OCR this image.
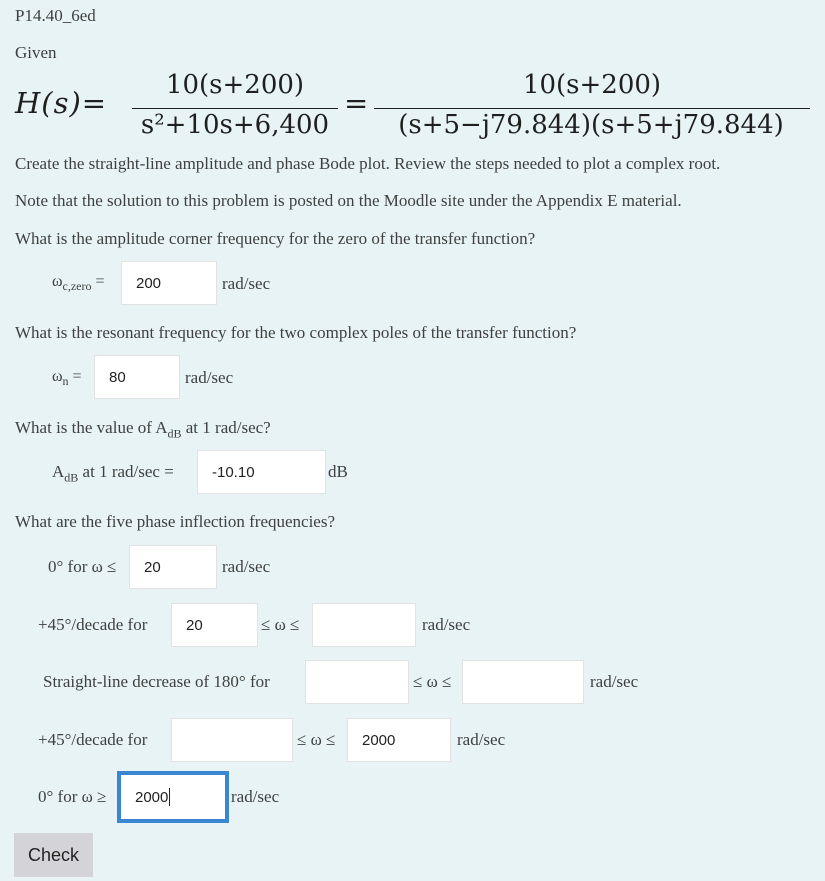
P14.40_6ed
Given
H(s)=
10(s+200)
s²+10s+6,400
=
10(s+200)
(s+5−j79.844)(s+5+j79.844)
Create the straight-line amplitude and phase Bode plot. Review the steps needed to plot a complex root.
Note that the solution to this problem is posted on the Moodle site under the Appendix E material.
What is the amplitude corner frequency for the zero of the transfer function?
$\omega_{c,zero} = 200$	rad/sec
What is the resonant frequency for the two complex poles of the transfer function?
$\omega_n = 80$	rad/sec
What is the value of $A_{dB}$ at 1 rad/sec?
$A_{dB}$ at 1 rad/sec =	-10.10	dB
What are the five phase inflection frequencies?
0° for ω ≤ 20	rad/sec
+45°/decade for	20	≤ ω ≤	rad/sec
Straight-line decrease of 180° for	≤ ω ≤	rad/sec
+45°/decade for	≤ ω ≤ 2000	rad/sec
0° for ω ≥ 2000	rad/sec
Check
